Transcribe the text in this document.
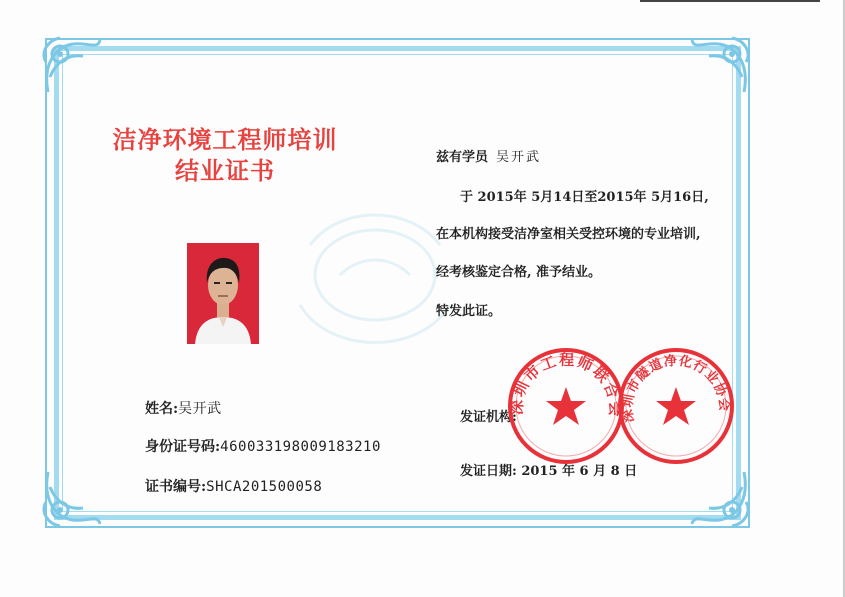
洁净环境工程师培训
结业证书
姓名:吴开武
身份证号码:460033198009183210
证书编号:SHCA201500058
兹有学员 吴开武
于 2015年 5月14日至2015年 5月16日,
在本机构接受洁净室相关受控环境的专业培训,
经考核鉴定合格, 准予结业。
特发此证。
发证机构:
发证日期: 2015 年 6 月 8 日
深圳市工程师联合会
深圳市隧道净化行业协会
